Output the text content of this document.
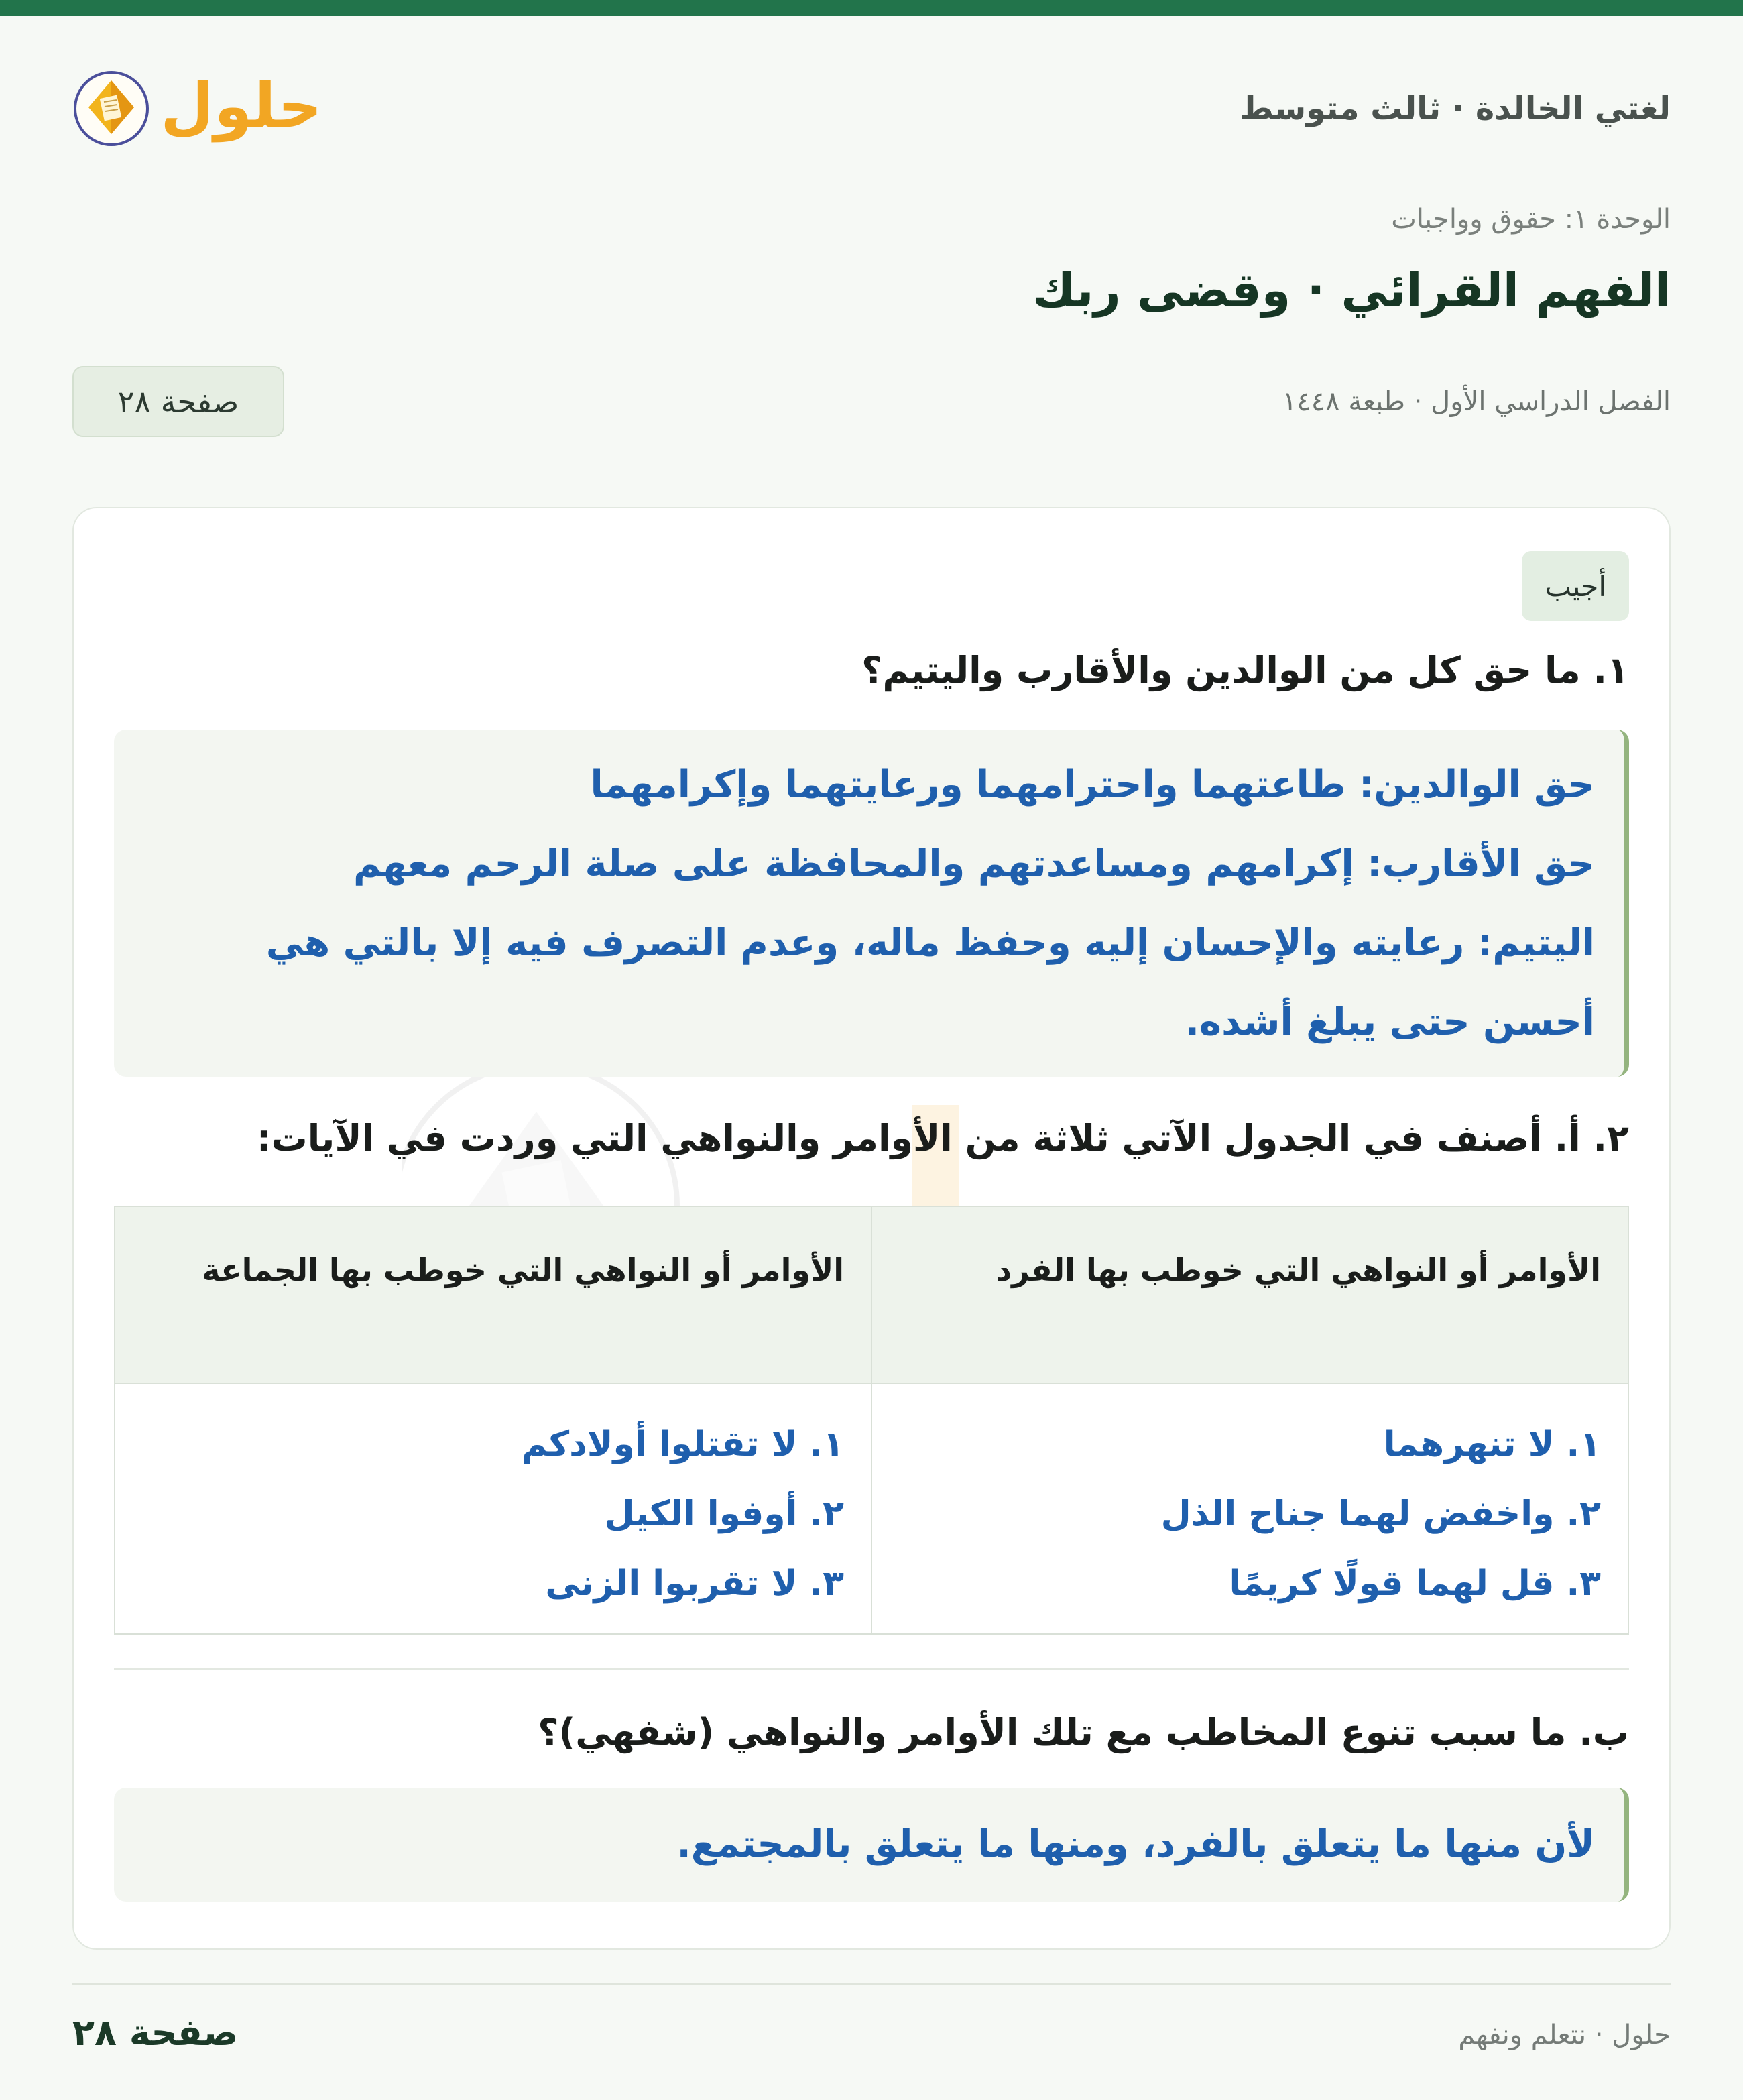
لغتي الخالدة · ثالث متوسط
حلول
الوحدة ١: حقوق وواجبات
الفهم القرائي · وقضى ربك
الفصل الدراسي الأول · طبعة ١٤٤٨
صفحة ٢٨
أجيب
١. ما حق كل من الوالدين والأقارب واليتيم؟
حق الوالدين: طاعتهما واحترامهما ورعايتهما وإكرامهما
حق الأقارب: إكرامهم ومساعدتهم والمحافظة على صلة الرحم معهم
اليتيم: رعايته والإحسان إليه وحفظ ماله، وعدم التصرف فيه إلا بالتي هي
أحسن حتى يبلغ أشده.
٢. أ. أصنف في الجدول الآتي ثلاثة من الأوامر والنواهي التي وردت في الآيات:
الأوامر أو النواهي التي خوطب بها الفرد
الأوامر أو النواهي التي خوطب بها الجماعة
١. لا تنهرهما
٢. واخفض لهما جناح الذل
٣. قل لهما قولًا كريمًا
١. لا تقتلوا أولادكم
٢. أوفوا الكيل
٣. لا تقربوا الزنى
ب. ما سبب تنوع المخاطب مع تلك الأوامر والنواهي (شفهي)؟
لأن منها ما يتعلق بالفرد، ومنها ما يتعلق بالمجتمع.
حلول · نتعلم ونفهم
صفحة ٢٨
